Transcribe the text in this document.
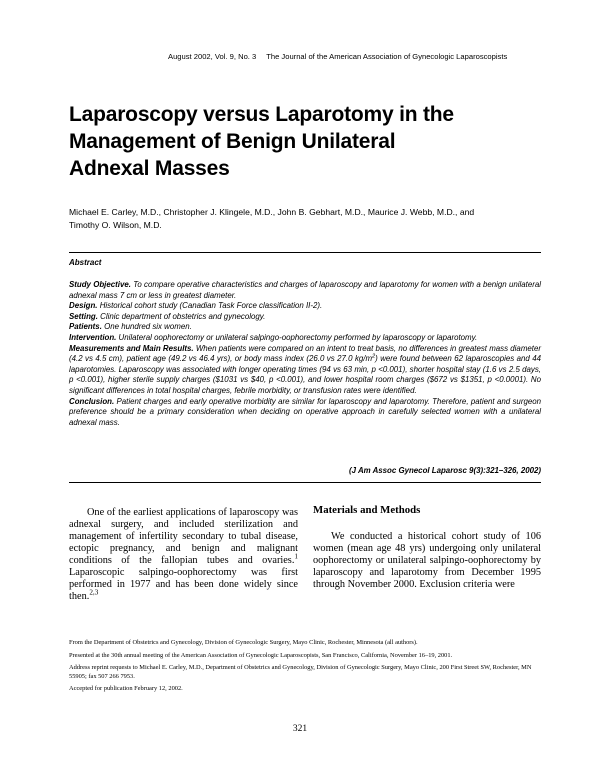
August 2002, Vol. 9, No. 3 The Journal of the American Association of Gynecologic Laparoscopists
Laparoscopy versus Laparotomy in the
Management of Benign Unilateral
Adnexal Masses
Michael E. Carley, M.D., Christopher J. Klingele, M.D., John B. Gebhart, M.D., Maurice J. Webb, M.D., and
Timothy O. Wilson, M.D.
Abstract

Study Objective. To compare operative characteristics and charges of laparoscopy and laparotomy for women with a benign unilateral adnexal mass 7 cm or less in greatest diameter.

Design. Historical cohort study (Canadian Task Force classification II-2).

Setting. Clinic department of obstetrics and gynecology.

Patients. One hundred six women.

Intervention. Unilateral oophorectomy or unilateral salpingo-oophorectomy performed by laparoscopy or laparotomy.

Measurements and Main Results. When patients were compared on an intent to treat basis, no differences in greatest mass diameter (4.2 vs 4.5 cm), patient age (49.2 vs 46.4 yrs), or body mass index (26.0 vs 27.0 $kg/m^2$) were found between 62 laparoscopies and 44 laparotomies. Laparoscopy was associated with longer operating times (94 vs 63 min, p <0.001), shorter hospital stay (1.6 vs 2.5 days, p <0.001), higher sterile supply charges ($1031 vs $40, p <0.001), and lower hospital room charges ($672 vs $1351, p <0.0001). No significant differences in total hospital charges, febrile morbidity, or transfusion rates were identified.

Conclusion. Patient charges and early operative morbidity are similar for laparoscopy and laparotomy. Therefore, patient and surgeon preference should be a primary consideration when deciding on operative approach in carefully selected women with a unilateral adnexal mass.

(J Am Assoc Gynecol Laparosc 9(3):321–326, 2002)

One of the earliest applications of laparoscopy was adnexal surgery, and included sterilization and management of infertility secondary to tubal disease, ectopic pregnancy, and benign and malignant conditions of the fallopian tubes and ovaries.$^1$ Laparoscopic salpingo-oophorectomy was first performed in 1977 and has been done widely since then.$^{2,3}$

Materials and Methods

We conducted a historical cohort study of 106 women (mean age 48 yrs) undergoing only unilateral oophorectomy or unilateral salpingo-oophorectomy by laparoscopy and laparotomy from December 1995 through November 2000. Exclusion criteria were

From the Department of Obstetrics and Gynecology, Division of Gynecologic Surgery, Mayo Clinic, Rochester, Minnesota (all authors).

Presented at the 30th annual meeting of the American Association of Gynecologic Laparoscopists, San Francisco, California, November 16–19, 2001.

Address reprint requests to Michael E. Carley, M.D., Department of Obstetrics and Gynecology, Division of Gynecologic Surgery, Mayo Clinic, 200 First Street SW, Rochester, MN 55905; fax 507 266 7953.

Accepted for publication February 12, 2002.

321
